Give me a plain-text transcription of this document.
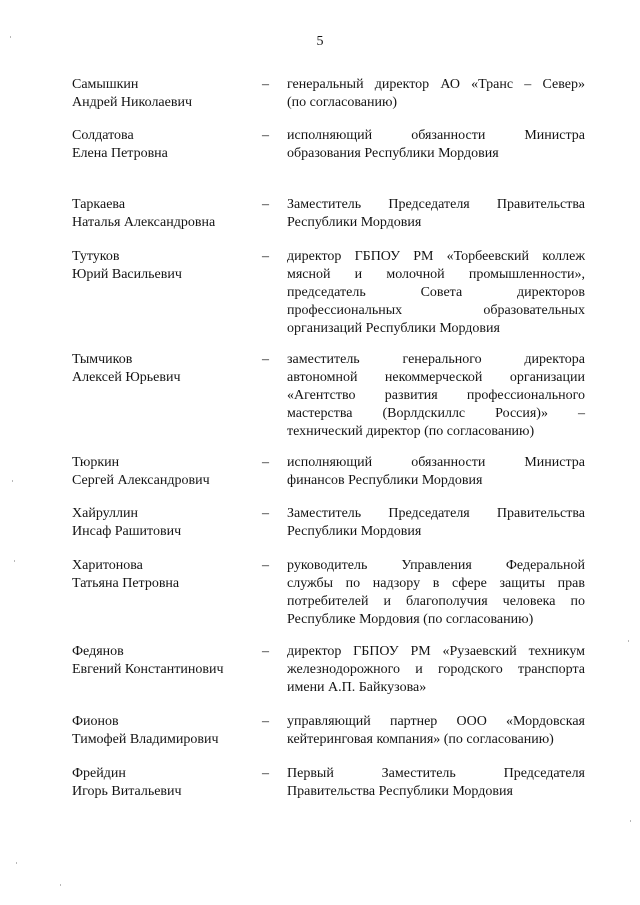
5
Самышкин
Андрей Николаевич
– генеральный директор АО «Транс – Север»
(по согласованию)
Солдатова
Елена Петровна
– исполняющий обязанности Министра
образования Республики Мордовия
Таркаева
Наталья Александровна
– Заместитель Председателя Правительства
Республики Мордовия
Тутуков
Юрий Васильевич
– директор ГБПОУ РМ «Торбеевский коллеж
мясной и молочной промышленности»,
председатель Совета директоров
профессиональных образовательных
организаций Республики Мордовия
Тымчиков
Алексей Юрьевич
– заместитель генерального директора
автономной некоммерческой организации
«Агентство развития профессионального
мастерства (Ворлдскиллс Россия)» –
технический директор (по согласованию)
Тюркин
Сергей Александрович
– исполняющий обязанности Министра
финансов Республики Мордовия
Хайруллин
Инсаф Рашитович
– Заместитель Председателя Правительства
Республики Мордовия
Харитонова
Татьяна Петровна
– руководитель Управления Федеральной
службы по надзору в сфере защиты прав
потребителей и благополучия человека по
Республике Мордовия (по согласованию)
Федянов
Евгений Константинович
– директор ГБПОУ РМ «Рузаевский техникум
железнодорожного и городского транспорта
имени А.П. Байкузова»
Фионов
Тимофей Владимирович
– управляющий партнер ООО «Мордовская
кейтеринговая компания» (по согласованию)
Фрейдин
Игорь Витальевич
– Первый Заместитель Председателя
Правительства Республики Мордовия
